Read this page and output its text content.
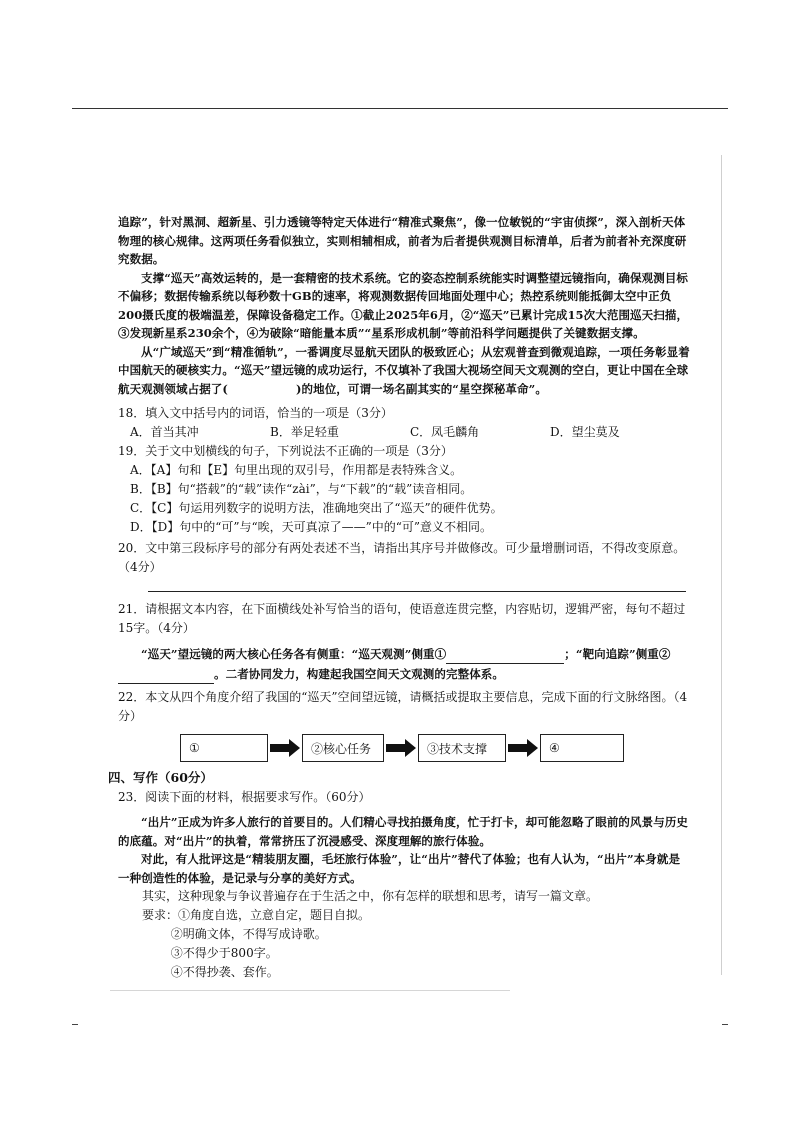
追踪”，针对黑洞、超新星、引力透镜等特定天体进行“精准式聚焦”，像一位敏锐的“宇宙侦探”，深入剖析天体物理的核心规律。这两项任务看似独立，实则相辅相成，前者为后者提供观测目标清单，后者为前者补充深度研究数据。

支撑“巡天”高效运转的，是一套精密的技术系统。它的姿态控制系统能实时调整望远镜指向，确保观测目标不偏移；数据传输系统以每秒数十GB的速率，将观测数据传回地面处理中心；热控系统则能抵御太空中正负200摄氏度的极端温差，保障设备稳定工作。①截止2025年6月，②“巡天”已累计完成15次大范围巡天扫描，③发现新星系230余个，④为破除“暗能量本质”“星系形成机制”等前沿科学问题提供了关键数据支撑。

从“广域巡天”到“精准循轨”，一番调度尽显航天团队的极致匠心；从宏观普查到微观追踪，一项任务彰显着中国航天的硬核实力。“巡天”望远镜的成功运行，不仅填补了我国大视场空间天文观测的空白，更让中国在全球航天观测领域占据了(	)的地位，可谓一场名副其实的“星空探秘革命”。

18．填入文中括号内的词语，恰当的一项是（3分）
A．首当其冲	B．举足轻重	C．凤毛麟角	D．望尘莫及
19．关于文中划横线的句子，下列说法不正确的一项是（3分）
A．【A】句和【E】句里出现的双引号，作用都是表特殊含义。
B．【B】句“搭载”的“载”读作“zài”，与“下载”的“载”读音相同。
C．【C】句运用列数字的说明方法，准确地突出了“巡天”的硬件优势。
D．【D】句中的“可”与“唉，天可真凉了——”中的“可”意义不相同。
20．文中第三段标序号的部分有两处表述不当，请指出其序号并做修改。可少量增删词语，不得改变原意。（4分）
21．请根据文本内容，在下面横线处补写恰当的语句，使语意连贯完整，内容贴切，逻辑严密，每句不超过15字。（4分）

“巡天”望远镜的两大核心任务各有侧重：“巡天观测”侧重①	；“靶向追踪”侧重②。二者协同发力，构建起我国空间天文观测的完整体系。

22．本文从四个角度介绍了我国的“巡天”空间望远镜，请概括或提取主要信息，完成下面的行文脉络图。（4分）
①	②核心任务	③技术支撑	④
四、写作（60分）
23．阅读下面的材料，根据要求写作。（60分）

“出片”正成为许多人旅行的首要目的。人们精心寻找拍摄角度，忙于打卡，却可能忽略了眼前的风景与历史的底蕴。对“出片”的执着，常常挤压了沉浸感受、深度理解的旅行体验。

对此，有人批评这是“精装朋友圈，毛坯旅行体验”，让“出片”替代了体验；也有人认为，“出片”本身就是一种创造性的体验，是记录与分享的美好方式。

其实，这种现象与争议普遍存在于生活之中，你有怎样的联想和思考，请写一篇文章。
要求：①角度自选，立意自定，题目自拟。
②明确文体，不得写成诗歌。
③不得少于800字。
④不得抄袭、套作。
